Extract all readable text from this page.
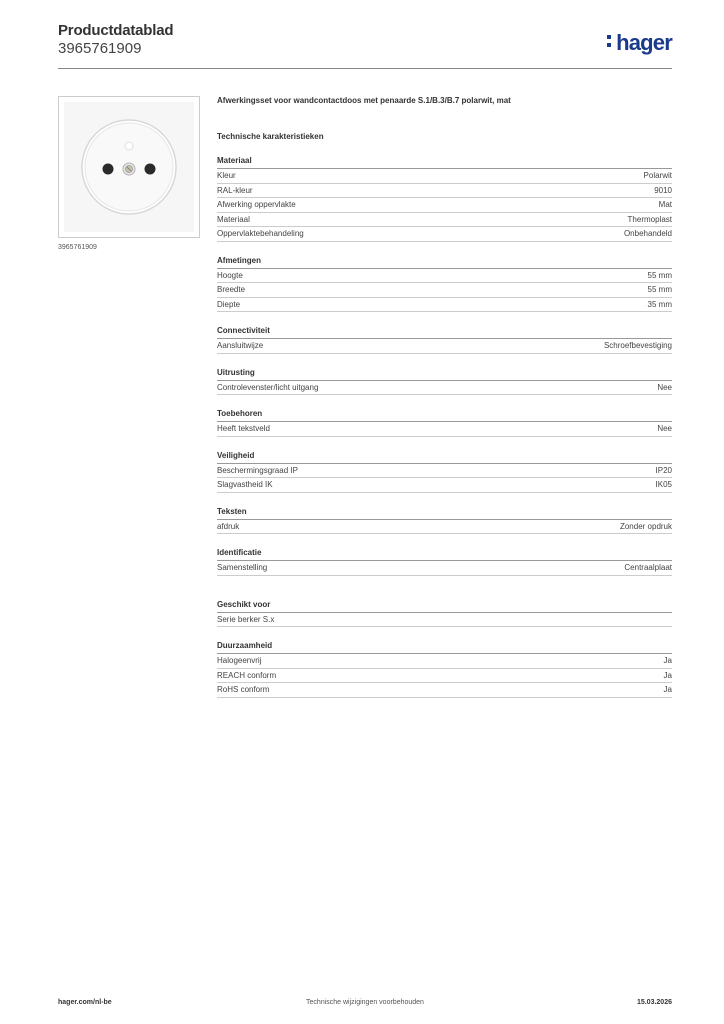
Productdatablad
3965761909	hager
3965761909
Afwerkingsset voor wandcontactdoos met penaarde S.1/B.3/B.7 polarwit, mat
Technische karakteristieken
Materiaal
Kleur	Polarwit
RAL-kleur	9010
Afwerking oppervlakte	Mat
Materiaal	Thermoplast
Oppervlaktebehandeling	Onbehandeld
Afmetingen
Hoogte	55 mm
Breedte	55 mm
Diepte	35 mm
Connectiviteit
Aansluitwijze	Schroefbevestiging
Uitrusting
Controlevenster/licht uitgang	Nee
Toebehoren
Heeft tekstveld	Nee
Veiligheid
Beschermingsgraad IP	IP20
Slagvastheid IK	IK05
Teksten
afdruk	Zonder opdruk
Identificatie
Samenstelling	Centraalplaat
Geschikt voor
Serie berker S.x
Duurzaamheid
Halogeenvrij	Ja
REACH conform	Ja
RoHS conform	Ja
hager.com/nl-be	Technische wijzigingen voorbehouden	15.03.2026
